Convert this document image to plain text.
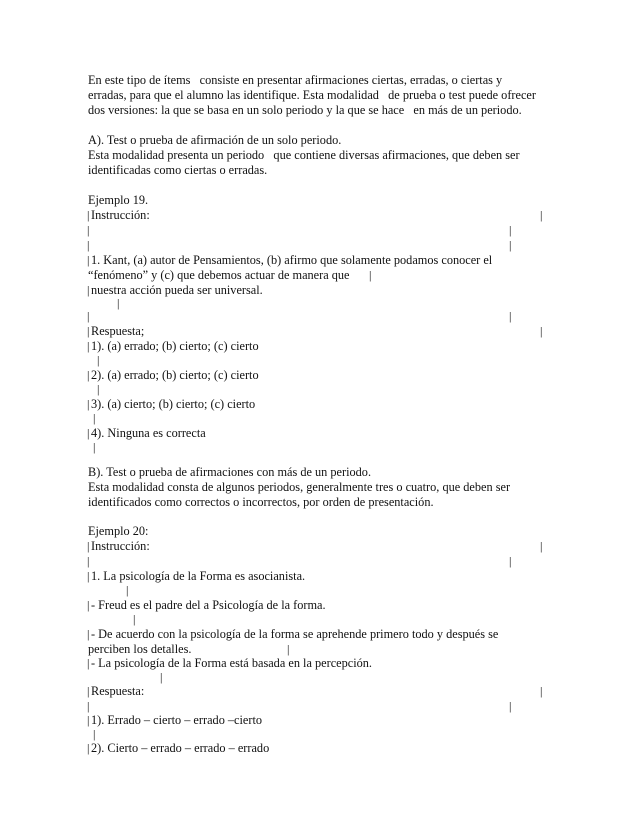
En este tipo de ítems   consiste en presentar afirmaciones ciertas, erradas, o ciertas y
erradas, para que el alumno las identifique. Esta modalidad   de prueba o test puede ofrecer
dos versiones: la que se basa en un solo periodo y la que se hace   en más de un periodo.
A). Test o prueba de afirmación de un solo periodo.
Esta modalidad presenta un periodo   que contiene diversas afirmaciones, que deben ser
identificadas como ciertas o erradas.
Ejemplo 19.
| Instrucción:	|
|	|
|	|
| 1. Kant, (a) autor de Pensamientos, (b) afirmo que solamente podamos conocer el
“fenómeno” y (c) que debemos actuar de manera que |
| nuestra acción pueda ser universal.
|
|	|
| Respuesta;	|
| 1). (a) errado; (b) cierto; (c) cierto
|
| 2). (a) errado; (b) cierto; (c) cierto
|
| 3). (a) cierto; (b) cierto; (c) cierto
|
| 4). Ninguna es correcta
|
B). Test o prueba de afirmaciones con más de un periodo.
Esta modalidad consta de algunos periodos, generalmente tres o cuatro, que deben ser
identificados como correctos o incorrectos, por orden de presentación.
Ejemplo 20:
| Instrucción:	|
|	|
| 1. La psicología de la Forma es asocianista.
|
| - Freud es el padre del a Psicología de la forma.
|
| - De acuerdo con la psicología de la forma se aprehende primero todo y después se
perciben los detalles.	|
| - La psicología de la Forma está basada en la percepción.
|
| Respuesta:	|
|	|
| 1). Errado – cierto – errado –cierto
|
| 2). Cierto – errado – errado – errado
